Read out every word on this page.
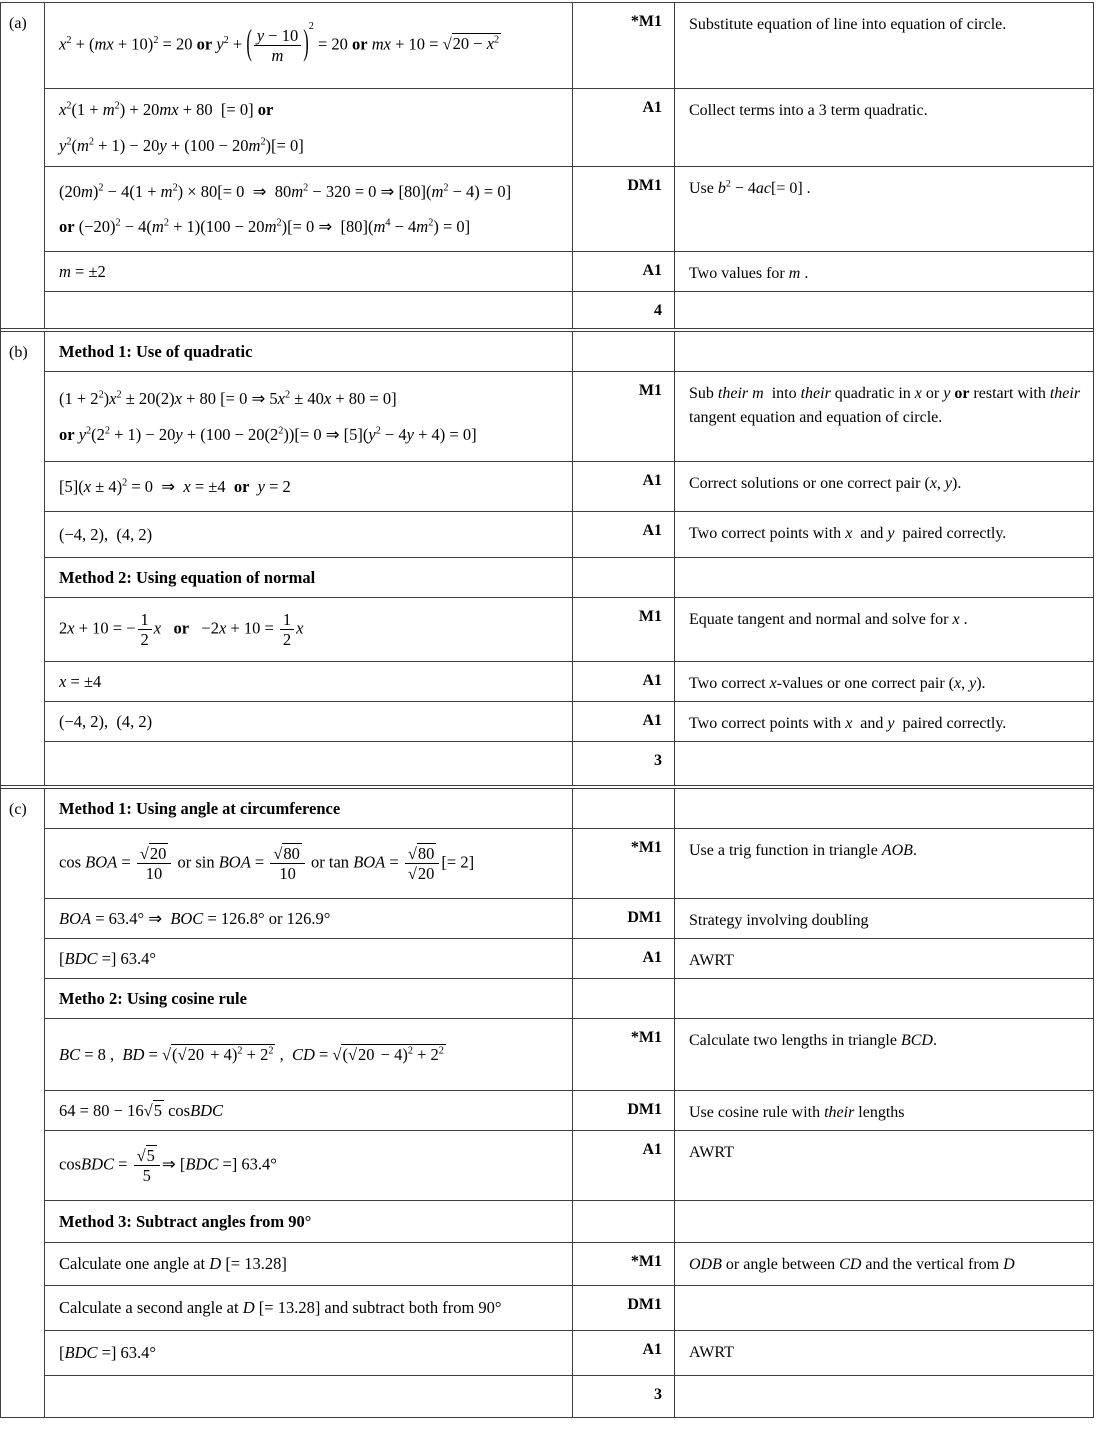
(a)	$x^2 + (mx + 10)^2 = 20$ or $y^2$ + ( $\frac{y - 10}{m} )^2 = 20$ or mx + $10 = √20 - x^2$	*M1	Substitute equation of line into equation of circle.

	$x^2(1 + m^2) + 20mx + 80$  [= 0] or
$y^2(m^2 + 1) - 20y + (100 - 20m^2)[= 0]$	A1	Collect terms into a 3 term quadratic.

	$(20m)^2 - 4(1 + m^2) \times 80[= 0$  ⇒  $80m^2 - 320 = 0$ ⇒ $[80](m^2 - 4) = 0$]
or $(-20)^2 - 4(m^2 + 1)(100 - 20m^2)[= 0$ ⇒  $[80](m^4 - 4m^2) = 0$]	DM1	Use $b^2 - 4ac[= 0]$ .
	m = ±2	A1	Two values for m .
		4	

(b)	Method 1: Use of quadratic		

	$(1 + 2^2)x^2 \pm 20(2)x + 80$ [= 0 ⇒ $5x^2 \pm 40x + 80 = 0$]
or $y^2(2^2 + 1) - 20y + (100 - 20(2^2))[= 0$ ⇒ $[5](y^2 - 4y + 4) = 0$]	M1	Sub their m  into their quadratic in x or y or restart with their tangent equation and equation of circle.
	$[5](x \pm 4)^2 = 0$  ⇒  x = ±4  or y = 2	A1	Correct solutions or one correct pair (x, y).
	(−4, 2),  (4, 2)	A1	Two correct points with x  and y  paired correctly.
	Method 2: Using equation of normal		
2x + 10 = − $\frac{1}{2}$ x or   $-2x + 10 = \frac{1}{2}$ x	M1	Equate tangent and normal and solve for x .
	x = ±4	A1	Two correct x-values or one correct pair (x, y).
	(−4, 2),  (4, 2)	A1	Two correct points with x  and y  paired correctly.
		3	

(c)	Method 1: Using angle at circumference		
cos BOA = $\frac{√20}{10}$ or sin BOA = $\frac{√80}{10}$ or tan BOA = $\frac{√80}{√20}$ [= 2]	*M1	Use a trig function in triangle AOB.
	BOA = 63.4° ⇒  BOC = 126.8° or 126.9°	DM1	Strategy involving doubling
	[BDC =] 63.4°	A1	AWRT
	Metho 2: Using cosine rule		
	BC = 8 ,  BD = $√(√20 + 4)^2 + 2^2$ ,  CD = $√(√20 - 4)^2 + 2^2$	*M1	Calculate two lengths in triangle BCD.
	64 = 80 − 16√5 cosBDC	DM1	Use cosine rule with their lengths
	cosBDC = $\frac{√5}{5}$ ⇒ [BDC =] 63.4°	A1	AWRT
	Method 3: Subtract angles from 90°		
	Calculate one angle at D [= 13.28]	*M1	ODB or angle between CD and the vertical from D
	Calculate a second angle at D [= 13.28] and subtract both from 90°	DM1	
	[BDC =] 63.4°	A1	AWRT
		3	
